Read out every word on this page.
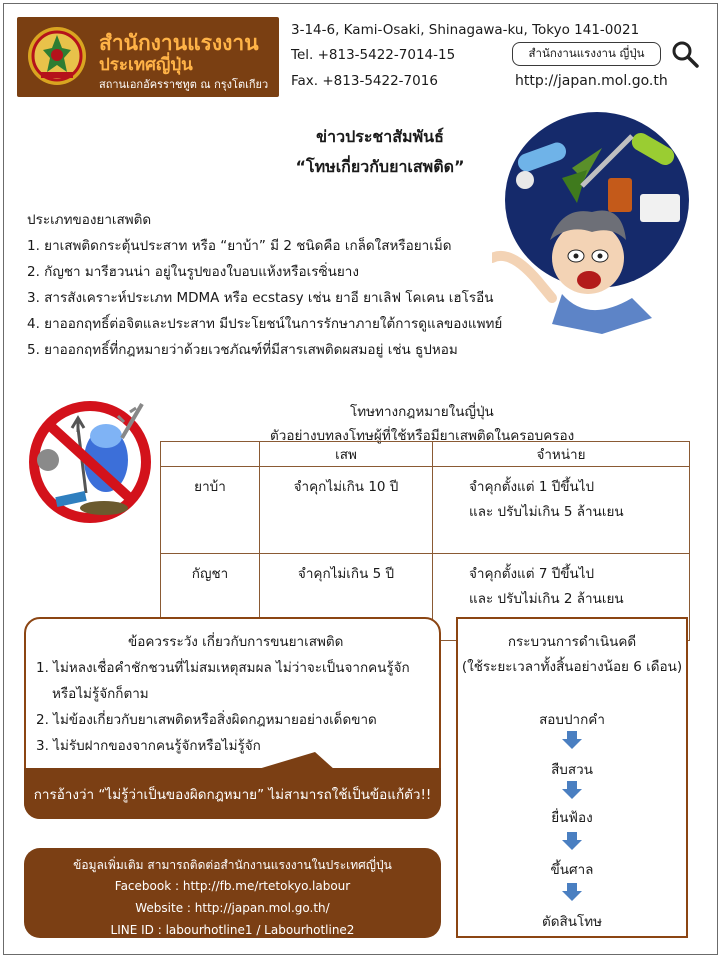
สำนักงานแรงงาน
ประเทศญี่ปุ่น
สถานเอกอัครราชทูต ณ กรุงโตเกียว
3-14-6, Kami-Osaki, Shinagawa-ku, Tokyo 141-0021
Tel. +813-5422-7014-15
Fax. +813-5422-7016
สำนักงานแรงงาน ญี่ปุ่น
http://japan.mol.go.th
ข่าวประชาสัมพันธ์
“โทษเกี่ยวกับยาเสพติด”
ประเภทของยาเสพติด
1. ยาเสพติดกระตุ้นประสาท หรือ “ยาบ้า” มี 2 ชนิดคือ เกล็ดใสหรือยาเม็ด
2. กัญชา มารีฮวนน่า อยู่ในรูปของใบอบแห้งหรือเรซิ่นยาง
3. สารสังเคราะห์ประเภท MDMA หรือ ecstasy เช่น ยาอี ยาเลิฟ โคเคน เฮโรอีน
4. ยาออกฤทธิ์ต่อจิตและประสาท มีประโยชน์ในการรักษาภายใต้การดูแลของแพทย์
5. ยาออกฤทธิ์ที่กฎหมายว่าด้วยเวชภัณฑ์ที่มีสารเสพติดผสมอยู่ เช่น ธูปหอม
โทษทางกฎหมายในญี่ปุ่น
ตัวอย่างบทลงโทษผู้ที่ใช้หรือมียาเสพติดในครอบครอง
	เสพ	จำหน่าย
ยาบ้า	จำคุกไม่เกิน 10 ปี	จำคุกตั้งแต่ 1 ปีขึ้นไป
และ ปรับไม่เกิน 5 ล้านเยน

กัญชา	จำคุกไม่เกิน 5 ปี	จำคุกตั้งแต่ 7 ปีขึ้นไป
และ ปรับไม่เกิน 2 ล้านเยน
ข้อควรระวัง เกี่ยวกับการขนยาเสพติด
1. ไม่หลงเชื่อคำชักชวนที่ไม่สมเหตุสมผล ไม่ว่าจะเป็นจากคนรู้จัก
หรือไม่รู้จักก็ตาม
2. ไม่ข้องเกี่ยวกับยาเสพติดหรือสิ่งผิดกฎหมายอย่างเด็ดขาด
3. ไม่รับฝากของจากคนรู้จักหรือไม่รู้จัก
การอ้างว่า “ไม่รู้ว่าเป็นของผิดกฎหมาย” ไม่สามารถใช้เป็นข้อแก้ตัว!!
กระบวนการดำเนินคดี
(ใช้ระยะเวลาทั้งสิ้นอย่างน้อย 6 เดือน)
สอบปากคำ
สืบสวน
ยื่นฟ้อง
ขึ้นศาล
ตัดสินโทษ
ข้อมูลเพิ่มเติม สามารถติดต่อสำนักงานแรงงานในประเทศญี่ปุ่น
Facebook : http://fb.me/rtetokyo.labour
Website : http://japan.mol.go.th/
LINE ID : labourhotline1 / Labourhotline2
